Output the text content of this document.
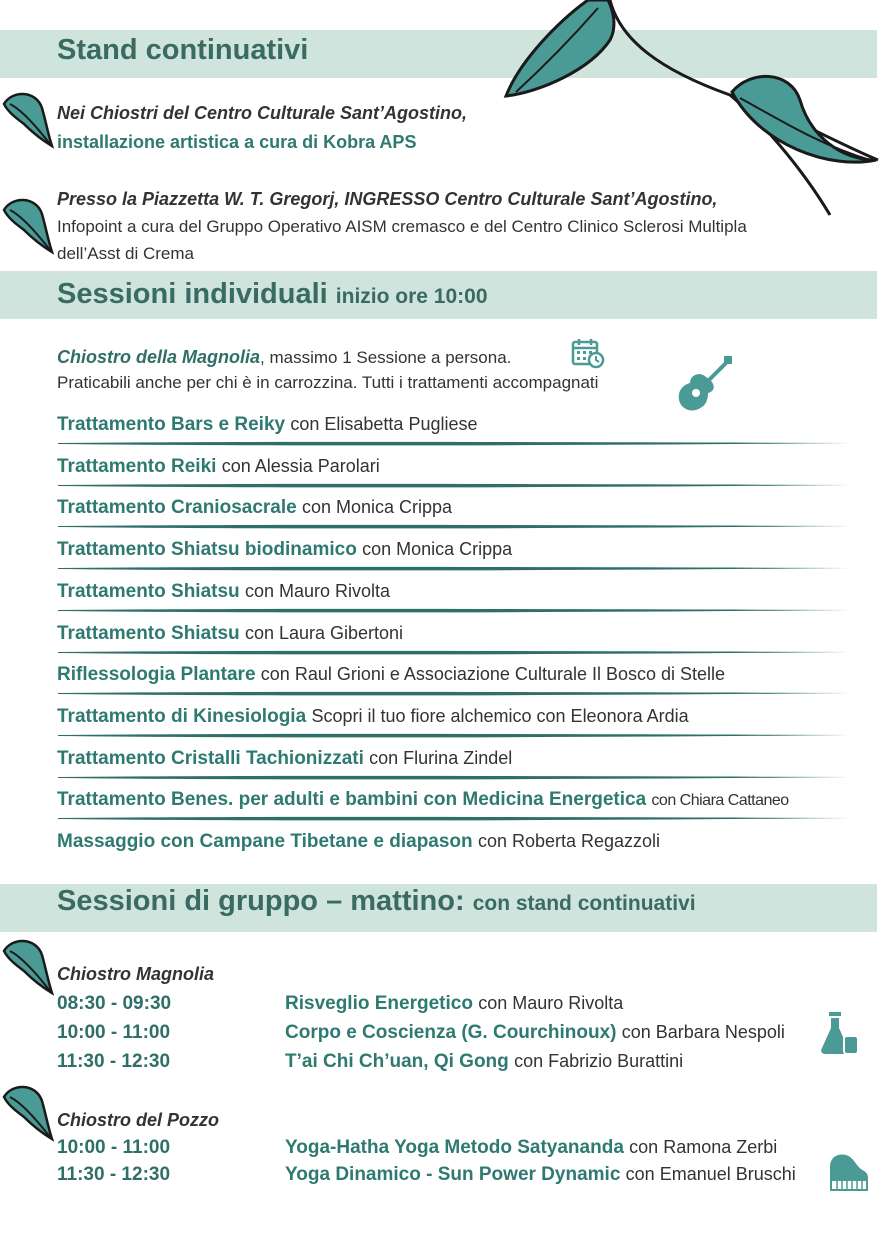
Stand continuativi
Nei Chiostri del Centro Culturale Sant’Agostino,
installazione artistica a cura di Kobra APS
Presso la Piazzetta W. T. Gregorj, INGRESSO Centro Culturale Sant’Agostino,
Infopoint a cura del Gruppo Operativo AISM cremasco e del Centro Clinico Sclerosi Multipla
dell’Asst di Crema
Sessioni individuali inizio ore 10:00
Chiostro della Magnolia, massimo 1 Sessione a persona.
Praticabili anche per chi è in carrozzina. Tutti i trattamenti accompagnati
Trattamento Bars e Reiky con Elisabetta Pugliese
Trattamento Reiki con Alessia Parolari
Trattamento Craniosacrale con Monica Crippa
Trattamento Shiatsu biodinamico con Monica Crippa
Trattamento Shiatsu con Mauro Rivolta
Trattamento Shiatsu con Laura Gibertoni
Riflessologia Plantare con Raul Grioni e Associazione Culturale Il Bosco di Stelle
Trattamento di Kinesiologia Scopri il tuo fiore alchemico con Eleonora Ardia
Trattamento Cristalli Tachionizzati con Flurina Zindel
Trattamento Benes. per adulti e bambini con Medicina Energetica con Chiara Cattaneo
Massaggio con Campane Tibetane e diapason con Roberta Regazzoli
Sessioni di gruppo – mattino: con stand continuativi
Chiostro Magnolia
08:30 - 09:30	Risveglio Energetico con Mauro Rivolta
10:00 - 11:00	Corpo e Coscienza (G. Courchinoux) con Barbara Nespoli
11:30 - 12:30	T’ai Chi Ch’uan, Qi Gong con Fabrizio Burattini
Chiostro del Pozzo
10:00 - 11:00	Yoga-Hatha Yoga Metodo Satyananda con Ramona Zerbi
11:30 - 12:30	Yoga Dinamico - Sun Power Dynamic con Emanuel Bruschi
